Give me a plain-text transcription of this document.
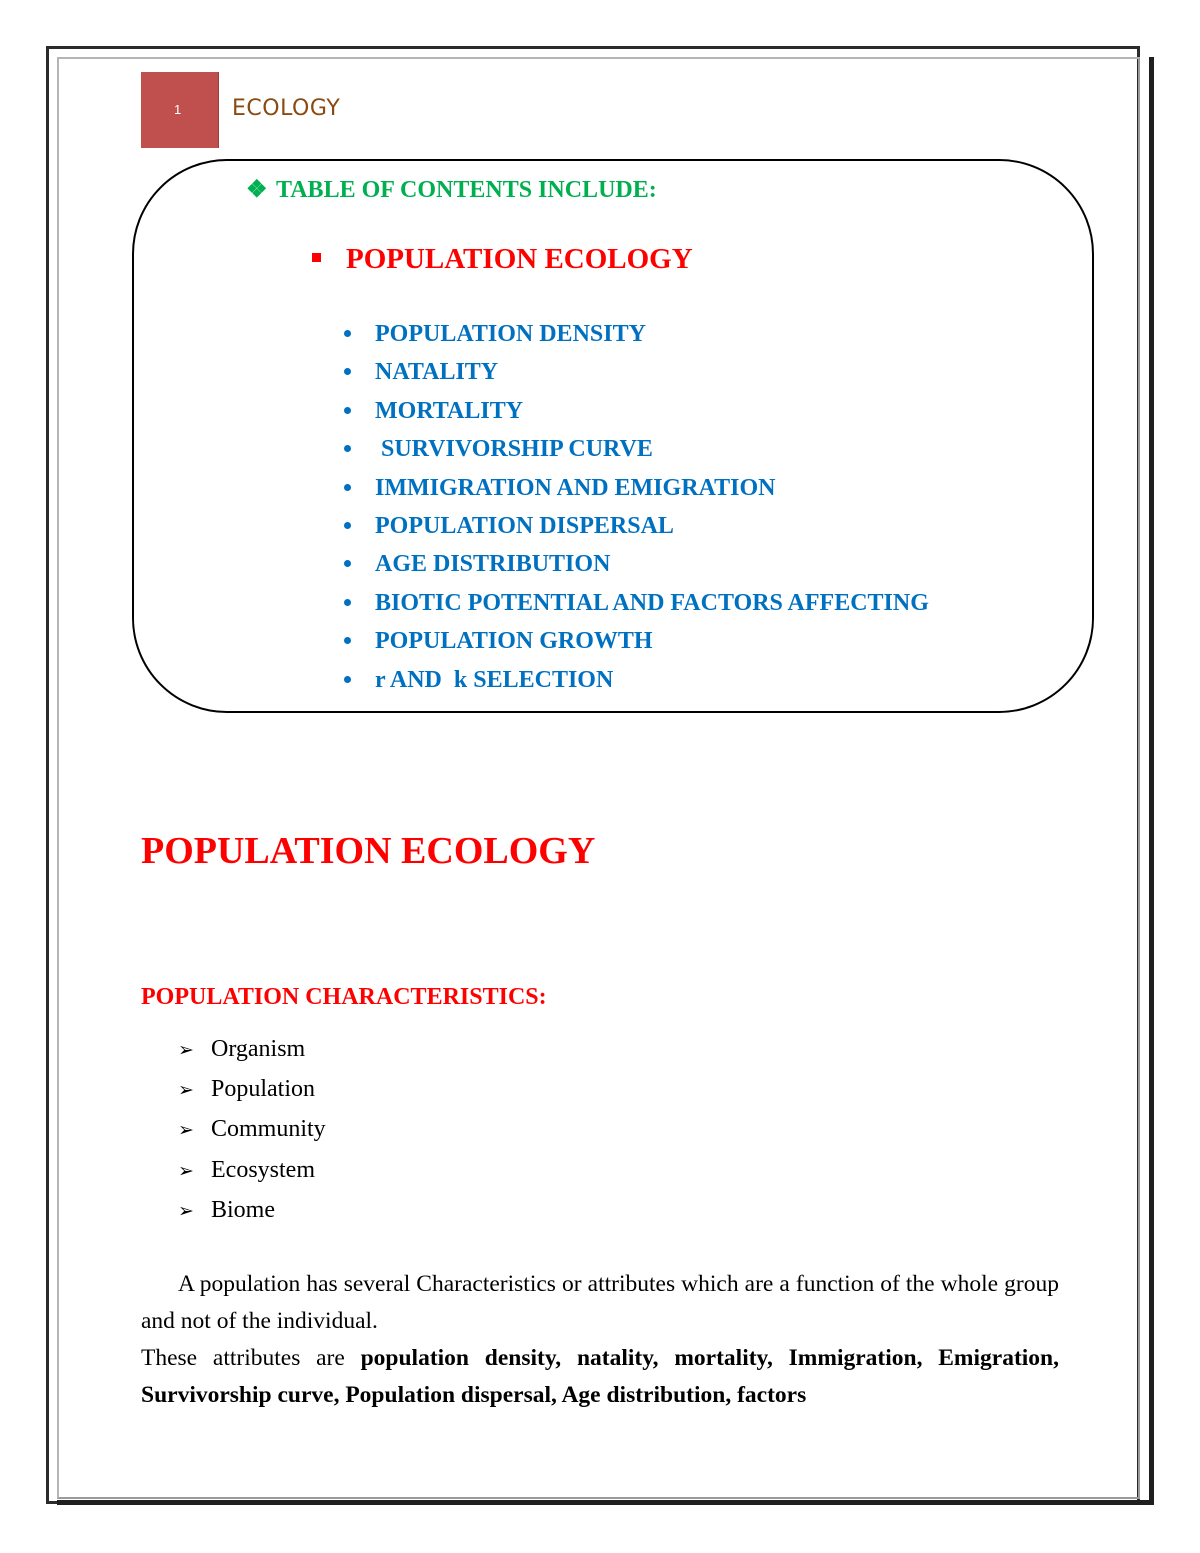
1 ECOLOGY
❖ TABLE OF CONTENTS INCLUDE:
POPULATION ECOLOGY
POPULATION DENSITY
NATALITY
MORTALITY
SURVIVORSHIP CURVE
IMMIGRATION AND EMIGRATION
POPULATION DISPERSAL
AGE DISTRIBUTION
BIOTIC POTENTIAL AND FACTORS AFFECTING
POPULATION GROWTH
r AND  k SELECTION
POPULATION ECOLOGY
POPULATION CHARACTERISTICS:
➢ Organism
➢ Population
➢ Community
➢ Ecosystem
➢ Biome

A population has several Characteristics or attributes which are a function of the whole group and not of the individual.

These attributes are population density, natality, mortality, Immigration, Emigration, Survivorship curve, Population dispersal, Age distribution, factors
